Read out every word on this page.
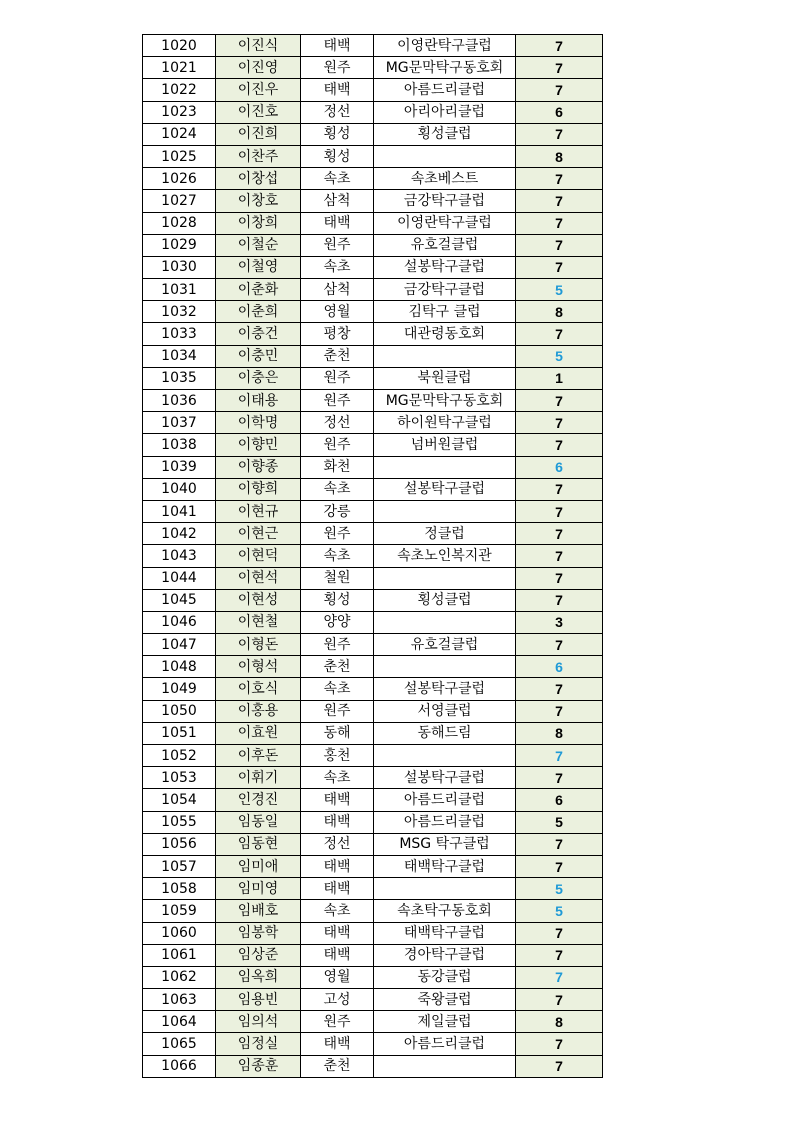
1020	이진식	태백	이영란탁구클럽	7
1021	이진영	원주	MG문막탁구동호회	7
1022	이진우	태백	아름드리클럽	7
1023	이진호	정선	아리아리클럽	6
1024	이진희	횡성	횡성클럽	7
1025	이찬주	횡성		8
1026	이창섭	속초	속초베스트	7
1027	이창호	삼척	금강탁구클럽	7
1028	이창희	태백	이영란탁구클럽	7
1029	이철순	원주	유호걸클럽	7
1030	이철영	속초	설봉탁구클럽	7
1031	이춘화	삼척	금강탁구클럽	5
1032	이춘희	영월	김탁구 클럽	8
1033	이충건	평창	대관령동호회	7
1034	이충민	춘천		5
1035	이충은	원주	북원클럽	1
1036	이태용	원주	MG문막탁구동호회	7
1037	이학명	정선	하이원탁구클럽	7
1038	이향민	원주	넘버원클럽	7
1039	이향종	화천		6
1040	이향희	속초	설봉탁구클럽	7
1041	이현규	강릉		7
1042	이현근	원주	정클럽	7
1043	이현덕	속초	속초노인복지관	7
1044	이현석	철원		7
1045	이현성	횡성	횡성클럽	7
1046	이현철	양양		3
1047	이형돈	원주	유호걸클럽	7
1048	이형석	춘천		6
1049	이호식	속초	설봉탁구클럽	7
1050	이홍용	원주	서영클럽	7
1051	이효원	동해	동해드림	8
1052	이후돈	홍천		7
1053	이휘기	속초	설봉탁구클럽	7
1054	인경진	태백	아름드리클럽	6
1055	임동일	태백	아름드리클럽	5
1056	임동현	정선	MSG 탁구클럽	7
1057	임미애	태백	태백탁구클럽	7
1058	임미영	태백		5
1059	임배호	속초	속초탁구동호회	5
1060	임봉학	태백	태백탁구클럽	7
1061	임상준	태백	경아탁구클럽	7
1062	임옥희	영월	동강클럽	7
1063	임용빈	고성	죽왕클럽	7
1064	임의석	원주	제일클럽	8
1065	임정실	태백	아름드리클럽	7
1066	임종훈	춘천		7
